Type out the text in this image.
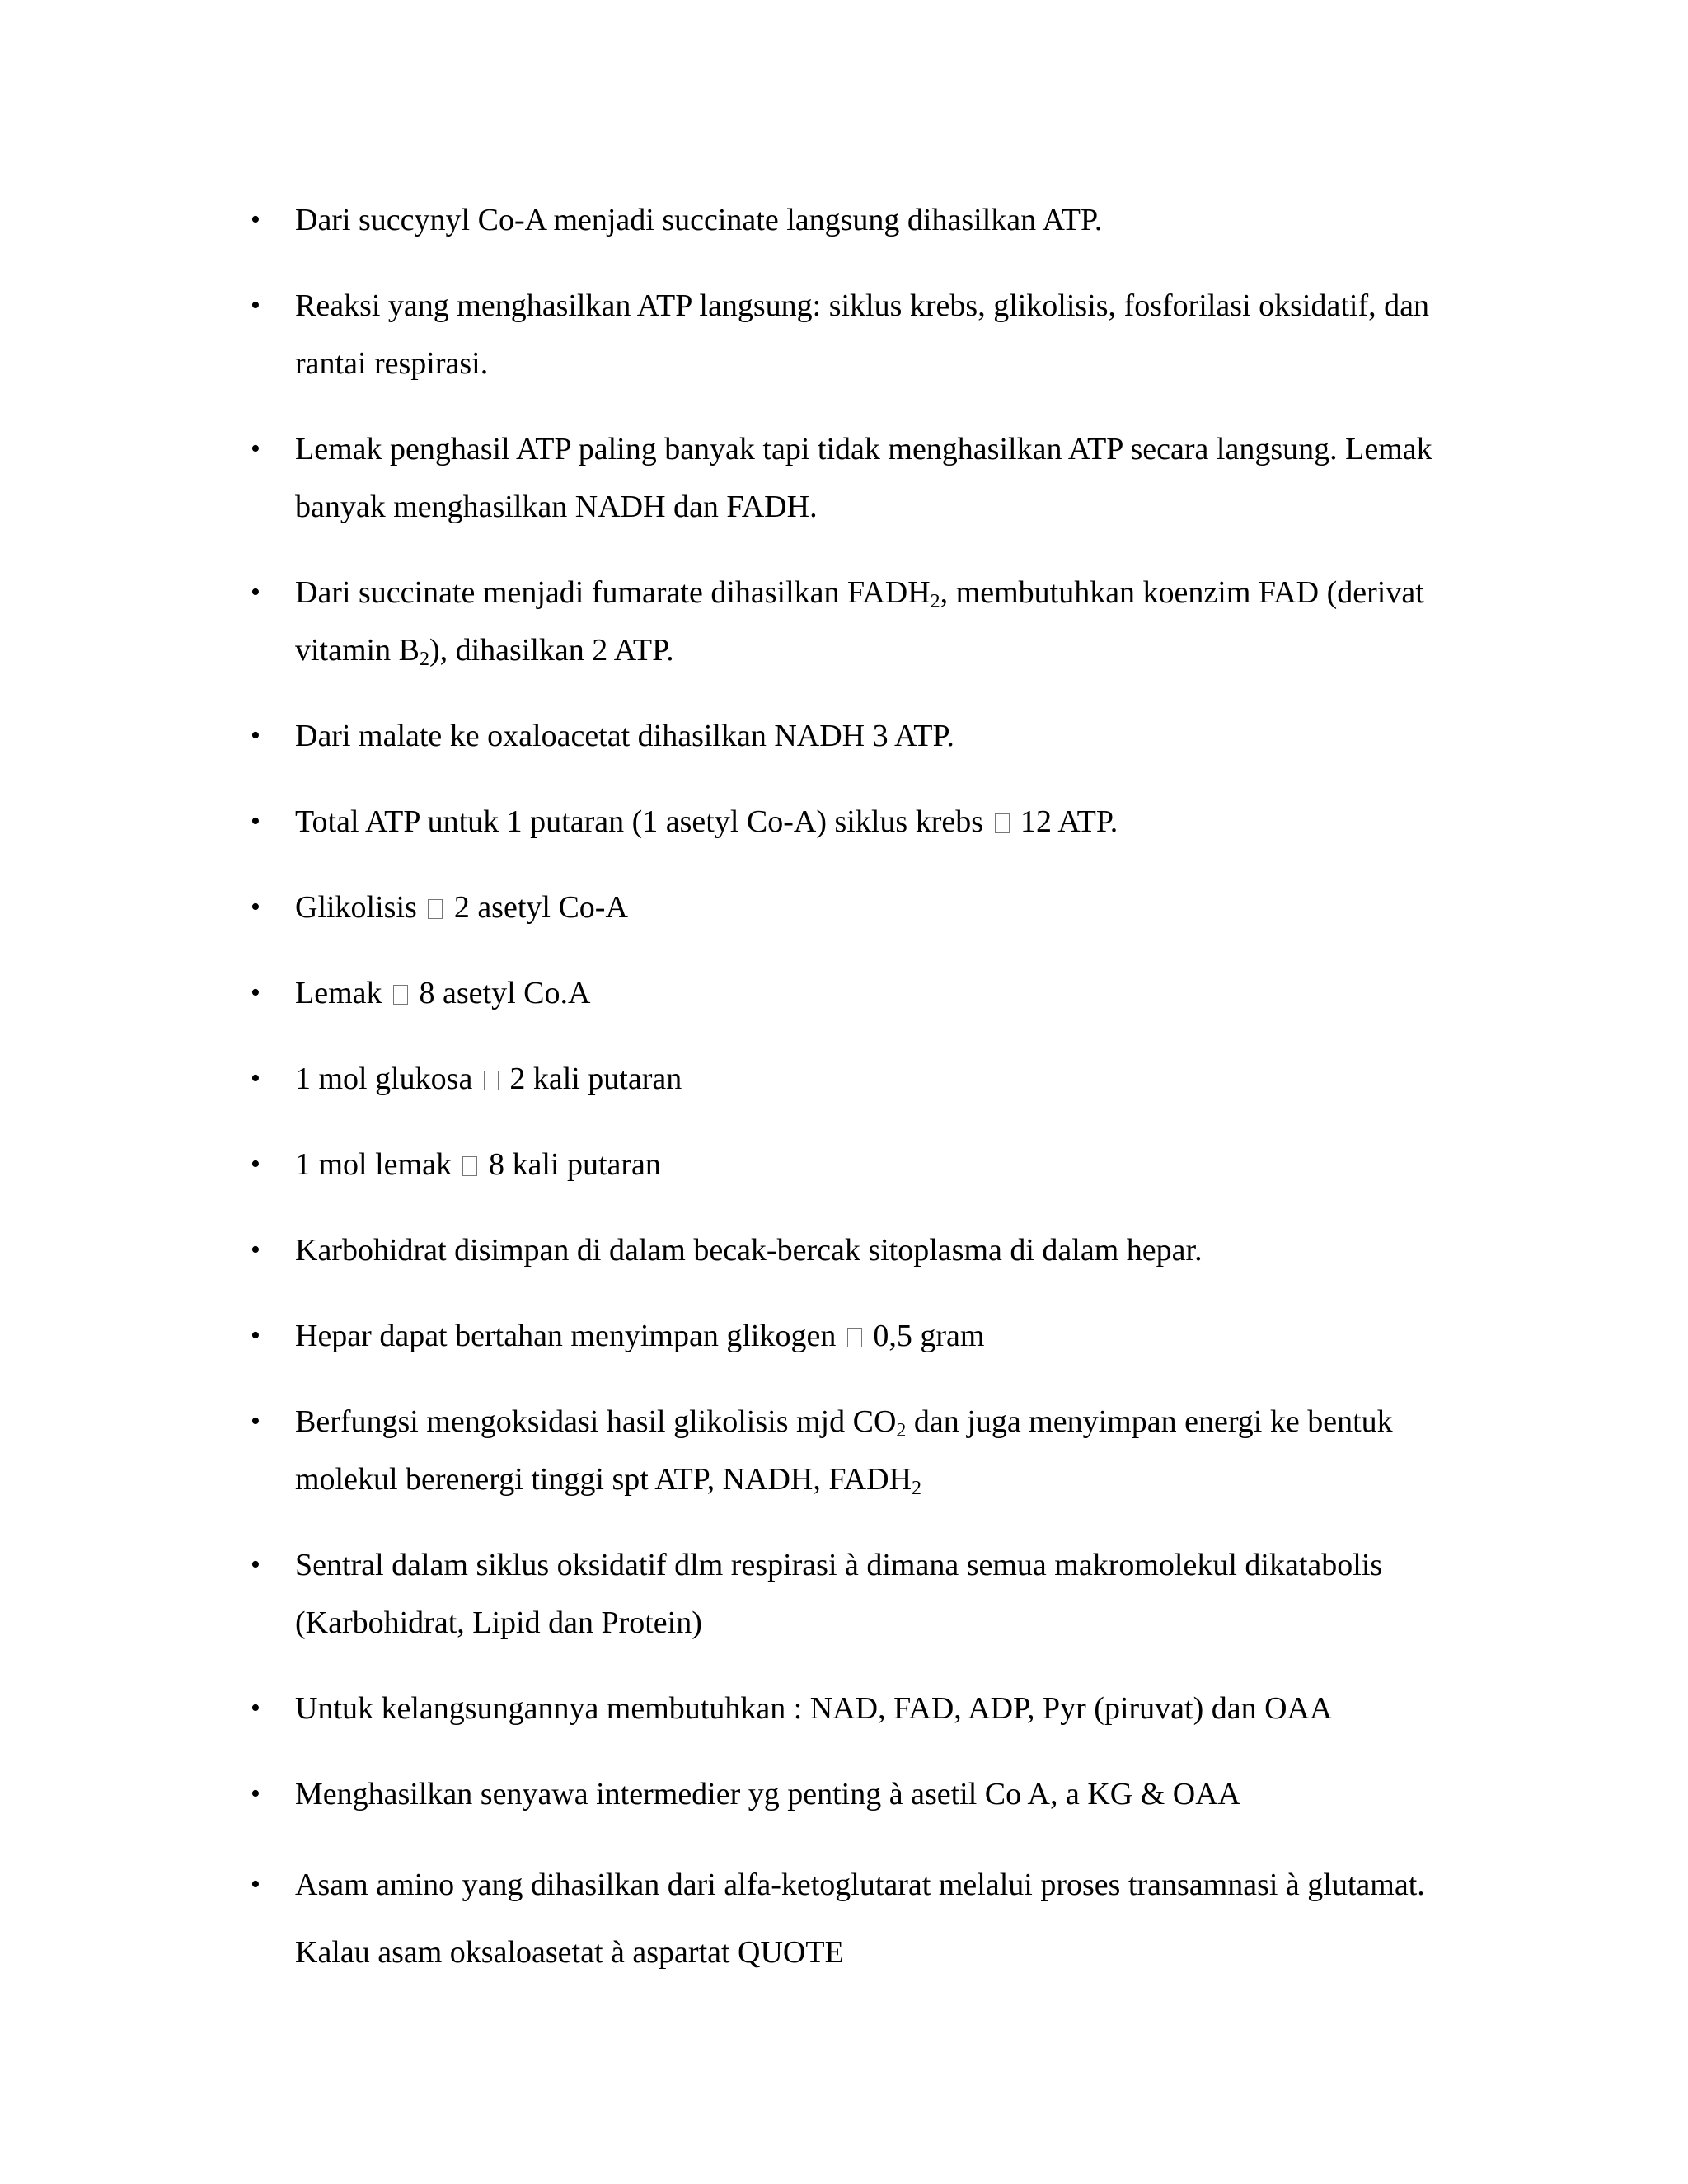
• Dari succynyl Co-A menjadi succinate langsung dihasilkan ATP.
• Reaksi yang menghasilkan ATP langsung: siklus krebs, glikolisis, fosforilasi oksidatif, dan rantai respirasi.
• Lemak penghasil ATP paling banyak tapi tidak menghasilkan ATP secara langsung. Lemak banyak menghasilkan NADH dan FADH.
• Dari succinate menjadi fumarate dihasilkan $FADH_2$, membutuhkan koenzim FAD (derivat vitamin $B_2$), dihasilkan 2 ATP.
• Dari malate ke oxaloacetat dihasilkan NADH 3 ATP.
• Total ATP untuk 1 putaran (1 asetyl Co-A) siklus krebs 12 ATP.
• Glikolisis 2 asetyl Co-A
• Lemak 8 asetyl Co.A
• 1 mol glukosa 2 kali putaran
• 1 mol lemak 8 kali putaran
• Karbohidrat disimpan di dalam becak-bercak sitoplasma di dalam hepar.
• Hepar dapat bertahan menyimpan glikogen 0,5 gram
• Berfungsi mengoksidasi hasil glikolisis mjd $CO_2$ dan juga menyimpan energi ke bentuk molekul berenergi tinggi spt ATP, NADH, $FADH_2$
• Sentral dalam siklus oksidatif dlm respirasi à dimana semua makromolekul dikatabolis (Karbohidrat, Lipid dan Protein)
• Untuk kelangsungannya membutuhkan : NAD, FAD, ADP, Pyr (piruvat) dan OAA
• Menghasilkan senyawa intermedier yg penting à asetil Co A, a KG & OAA
• Asam amino yang dihasilkan dari alfa-ketoglutarat melalui proses transamnasi à glutamat. Kalau asam oksaloasetat à aspartat QUOTE
